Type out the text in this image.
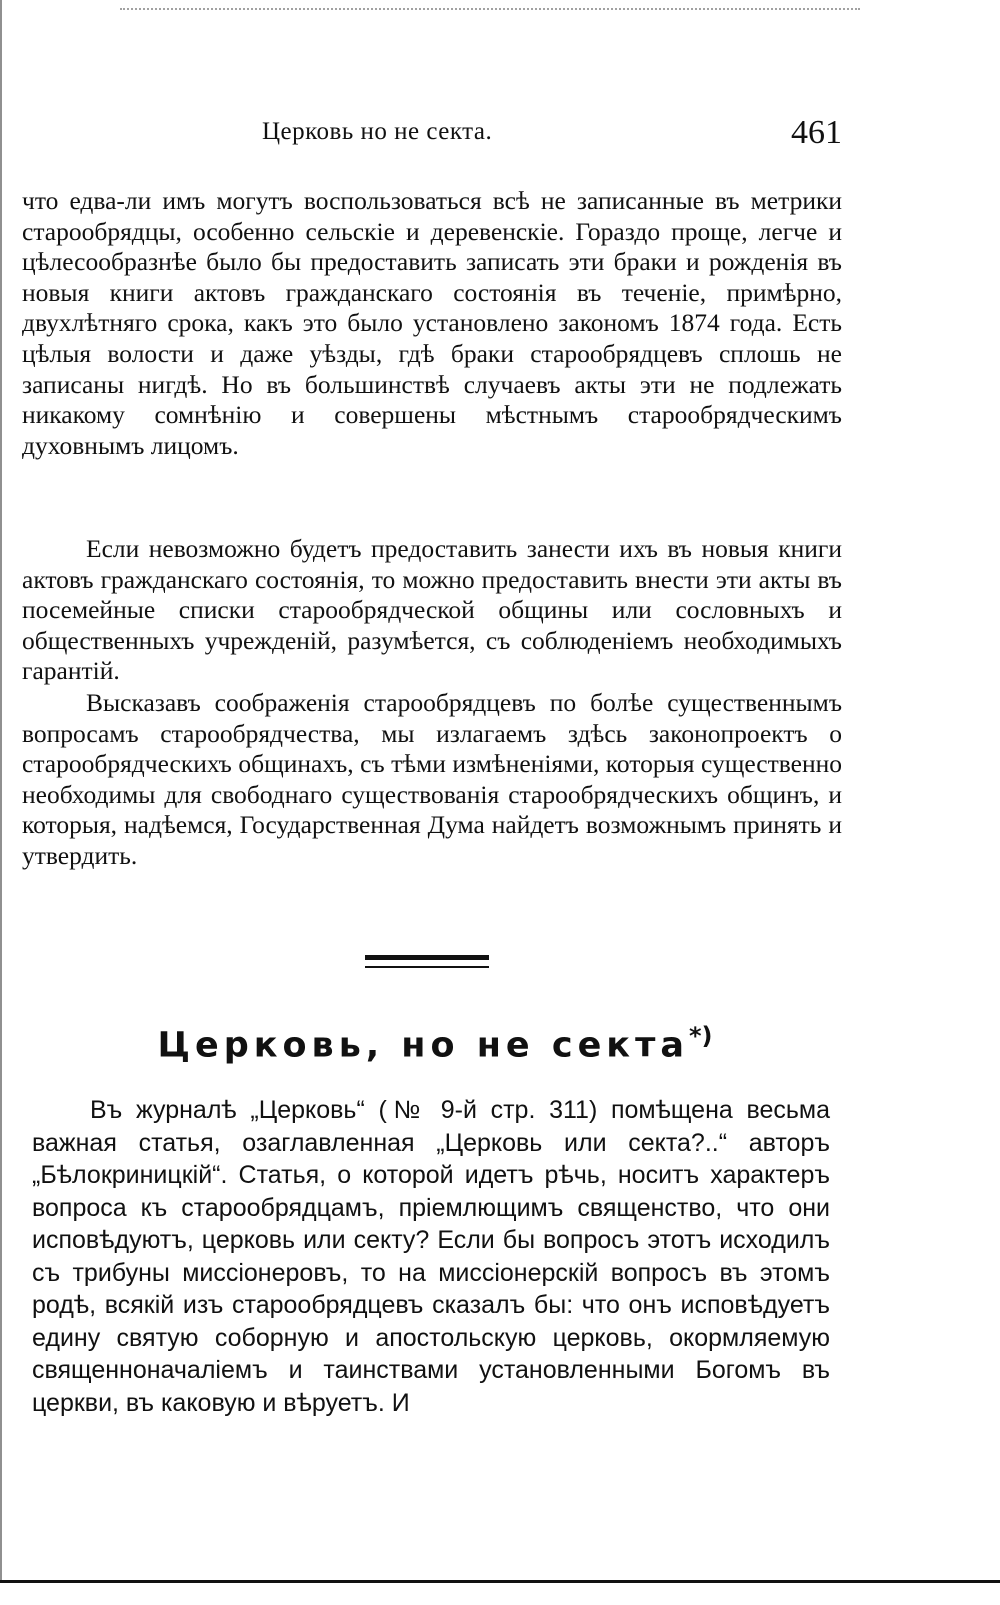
Церковь но не секта.	461

что едва-ли имъ могутъ воспользоваться всѣ не записанные въ метрики старообрядцы, особенно сельскіе и деревенскіе. Гораздо проще, легче и цѣлесообразнѣе было бы предоставить записать эти браки и рожденія въ новыя книги актовъ гражданскаго состоянія въ теченіе, примѣрно, двухлѣтняго срока, какъ это было установлено закономъ 1874 года. Есть цѣлыя волости и даже уѣзды, гдѣ браки старообрядцевъ сплошь не записаны нигдѣ. Но въ большинствѣ случаевъ акты эти не подлежать никакому сомнѣнію и совершены мѣстнымъ старообрядческимъ духовнымъ лицомъ.

Если невозможно будетъ предоставить занести ихъ въ новыя книги актовъ гражданскаго состоянія, то можно предоставить внести эти акты въ посемейные списки старообрядческой общины или сословныхъ и общественныхъ учрежденій, разумѣется, съ соблюденіемъ необходимыхъ гарантій.

Высказавъ соображенія старообрядцевъ по болѣе существеннымъ вопросамъ старообрядчества, мы излагаемъ здѣсь законопроектъ о старообрядческихъ общинахъ, съ тѣми измѣненіями, которыя существенно необходимы для свободнаго существованія старообрядческихъ общинъ, и которыя, надѣемся, Государственная Дума найдетъ возможнымъ принять и утвердить.

Церковь, но не секта*)

Въ журналѣ „Церковь“ (№ 9-й стр. 311) помѣщена весьма важная статья, озаглавленная „Церковь или секта?..“ авторъ „Бѣлокриницкій“. Статья, о которой идетъ рѣчь, носитъ характеръ вопроса къ старообрядцамъ, пріемлющимъ священство, что они исповѣдуютъ, церковь или секту? Если бы вопросъ этотъ исходилъ съ трибуны миссіонеровъ, то на миссіонерскій вопросъ въ этомъ родѣ, всякій изъ старообрядцевъ сказалъ бы: что онъ исповѣдуетъ едину святую соборную и апостольскую церковь, окормляемую священноначаліемъ и таинствами установленными Богомъ въ церкви, въ каковую и вѣруетъ. И
